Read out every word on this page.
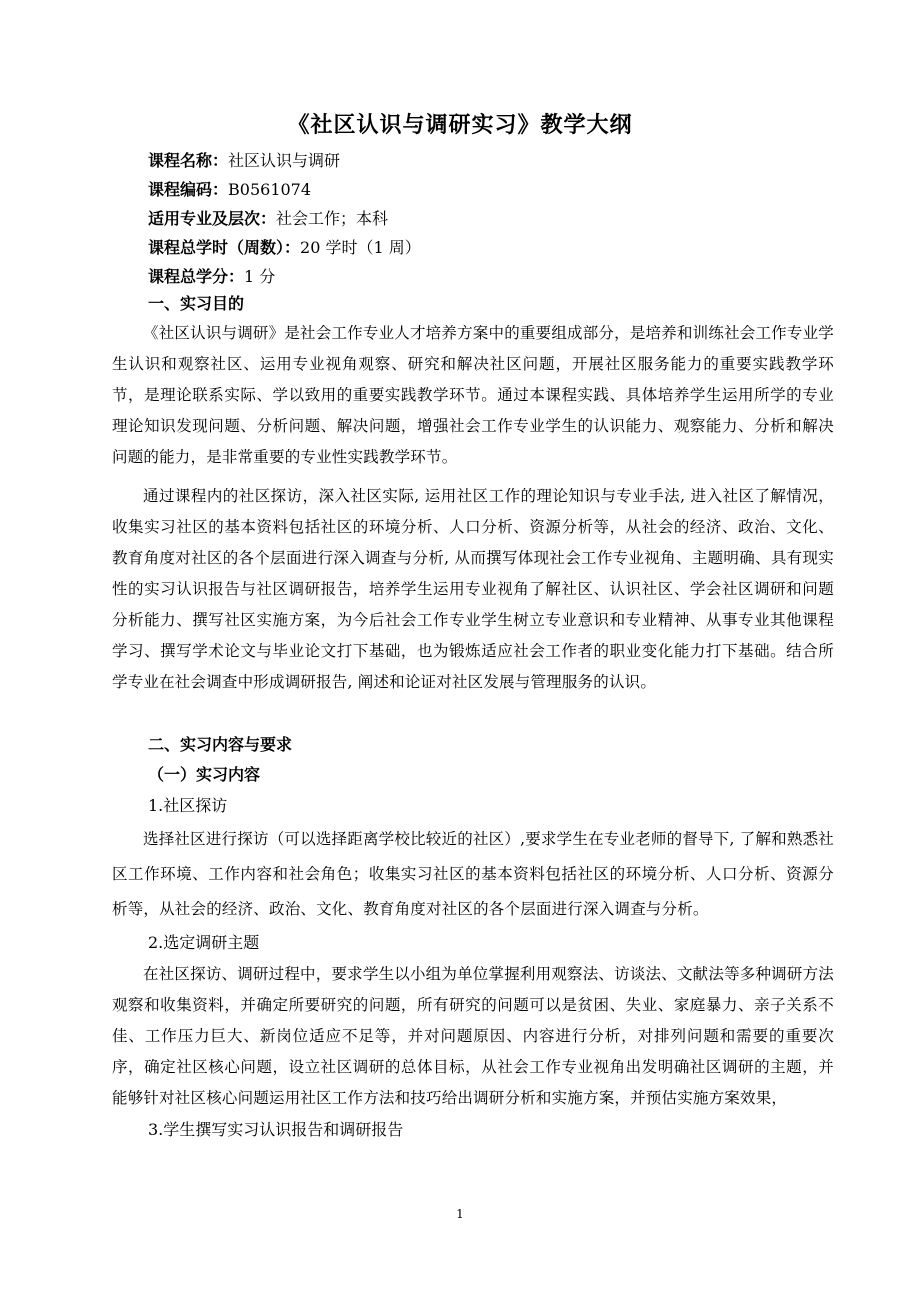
《社区认识与调研实习》教学大纲
课程名称：社区认识与调研
课程编码：B0561074
适用专业及层次：社会工作；本科
课程总学时（周数）：20 学时（1 周）
课程总学分：1 分
一、实习目的

《社区认识与调研》是社会工作专业人才培养方案中的重要组成部分，是培养和训练社会工作专业学生认识和观察社区、运用专业视角观察、研究和解决社区问题，开展社区服务能力的重要实践教学环节，是理论联系实际、学以致用的重要实践教学环节。通过本课程实践、具体培养学生运用所学的专业理论知识发现问题、分析问题、解决问题，增强社会工作专业学生的认识能力、观察能力、分析和解决问题的能力，是非常重要的专业性实践教学环节。

通过课程内的社区探访，深入社区实际, 运用社区工作的理论知识与专业手法, 进入社区了解情况，收集实习社区的基本资料包括社区的环境分析、人口分析、资源分析等，从社会的经济、政治、文化、教育角度对社区的各个层面进行深入调查与分析, 从而撰写体现社会工作专业视角、主题明确、具有现实性的实习认识报告与社区调研报告，培养学生运用专业视角了解社区、认识社区、学会社区调研和问题分析能力、撰写社区实施方案，为今后社会工作专业学生树立专业意识和专业精神、从事专业其他课程学习、撰写学术论文与毕业论文打下基础，也为锻炼适应社会工作者的职业变化能力打下基础。结合所学专业在社会调查中形成调研报告, 阐述和论证对社区发展与管理服务的认识。

二、实习内容与要求
（一）实习内容
1.社区探访

选择社区进行探访（可以选择距离学校比较近的社区）,要求学生在专业老师的督导下, 了解和熟悉社区工作环境、工作内容和社会角色；收集实习社区的基本资料包括社区的环境分析、人口分析、资源分析等，从社会的经济、政治、文化、教育角度对社区的各个层面进行深入调查与分析。

2.选定调研主题

在社区探访、调研过程中，要求学生以小组为单位掌握利用观察法、访谈法、文献法等多种调研方法观察和收集资料，并确定所要研究的问题，所有研究的问题可以是贫困、失业、家庭暴力、亲子关系不佳、工作压力巨大、新岗位适应不足等，并对问题原因、内容进行分析，对排列问题和需要的重要次序，确定社区核心问题，设立社区调研的总体目标，从社会工作专业视角出发明确社区调研的主题，并能够针对社区核心问题运用社区工作方法和技巧给出调研分析和实施方案，并预估实施方案效果，

3.学生撰写实习认识报告和调研报告
1
